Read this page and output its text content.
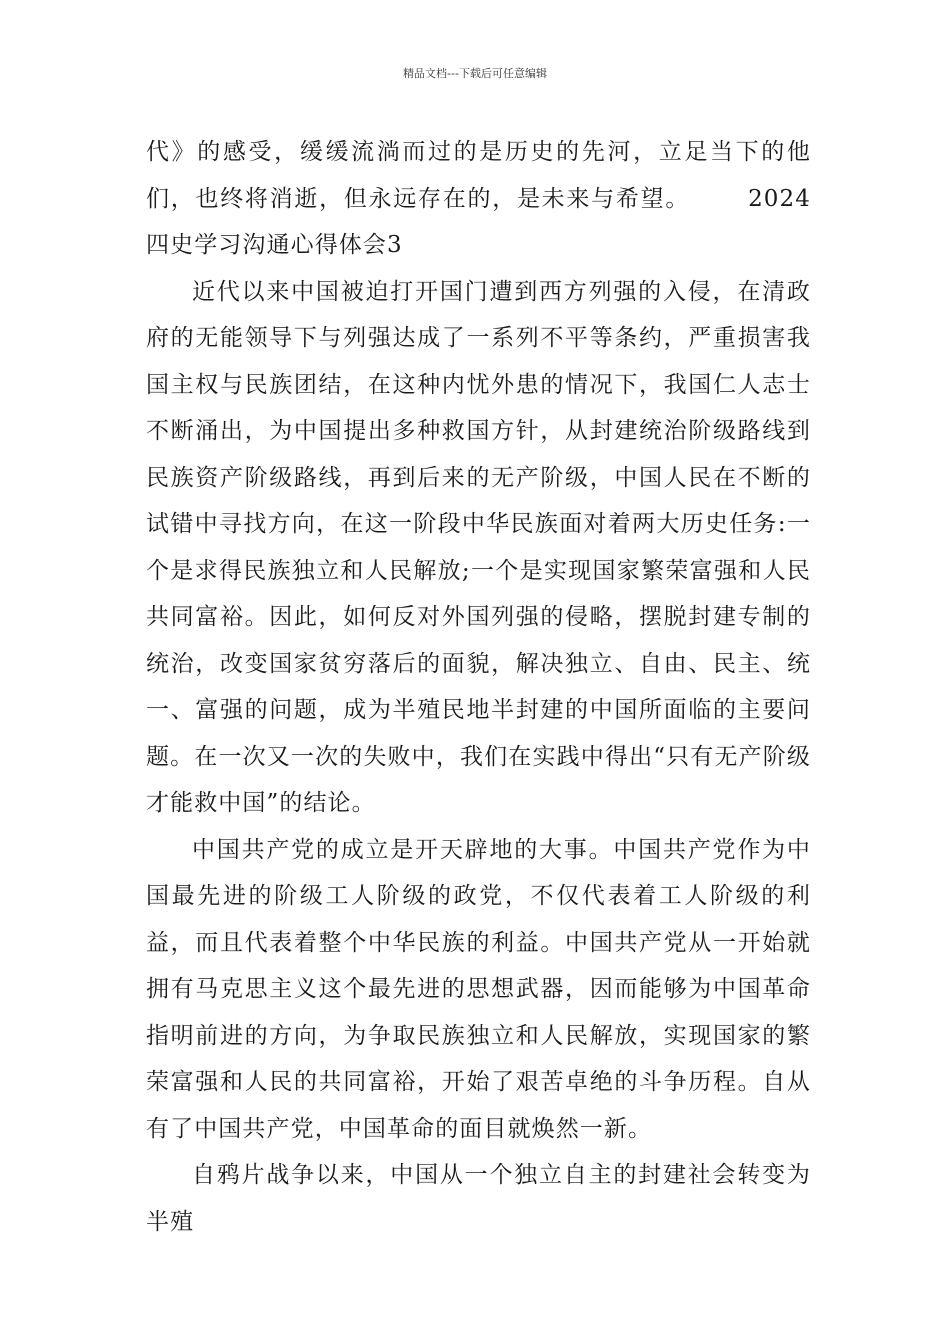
精品文档---下载后可任意编辑

代》的感受，缓缓流淌而过的是历史的先河，立足当下的他们，也终将消逝，但永远存在的，是未来与希望。	2024四史学习沟通心得体会3

近代以来中国被迫打开国门遭到西方列强的入侵，在清政府的无能领导下与列强达成了一系列不平等条约，严重损害我国主权与民族团结，在这种内忧外患的情况下，我国仁人志士不断涌出，为中国提出多种救国方针，从封建统治阶级路线到民族资产阶级路线，再到后来的无产阶级，中国人民在不断的试错中寻找方向，在这一阶段中华民族面对着两大历史任务:一个是求得民族独立和人民解放;一个是实现国家繁荣富强和人民共同富裕。因此，如何反对外国列强的侵略，摆脱封建专制的统治，改变国家贫穷落后的面貌，解决独立、自由、民主、统一、富强的问题，成为半殖民地半封建的中国所面临的主要问题。在一次又一次的失败中，我们在实践中得出“只有无产阶级才能救中国”的结论。

中国共产党的成立是开天辟地的大事。中国共产党作为中国最先进的阶级工人阶级的政党，不仅代表着工人阶级的利益，而且代表着整个中华民族的利益。中国共产党从一开始就拥有马克思主义这个最先进的思想武器，因而能够为中国革命指明前进的方向，为争取民族独立和人民解放，实现国家的繁荣富强和人民的共同富裕，开始了艰苦卓绝的斗争历程。自从有了中国共产党，中国革命的面目就焕然一新。

自鸦片战争以来，中国从一个独立自主的封建社会转变为半殖
